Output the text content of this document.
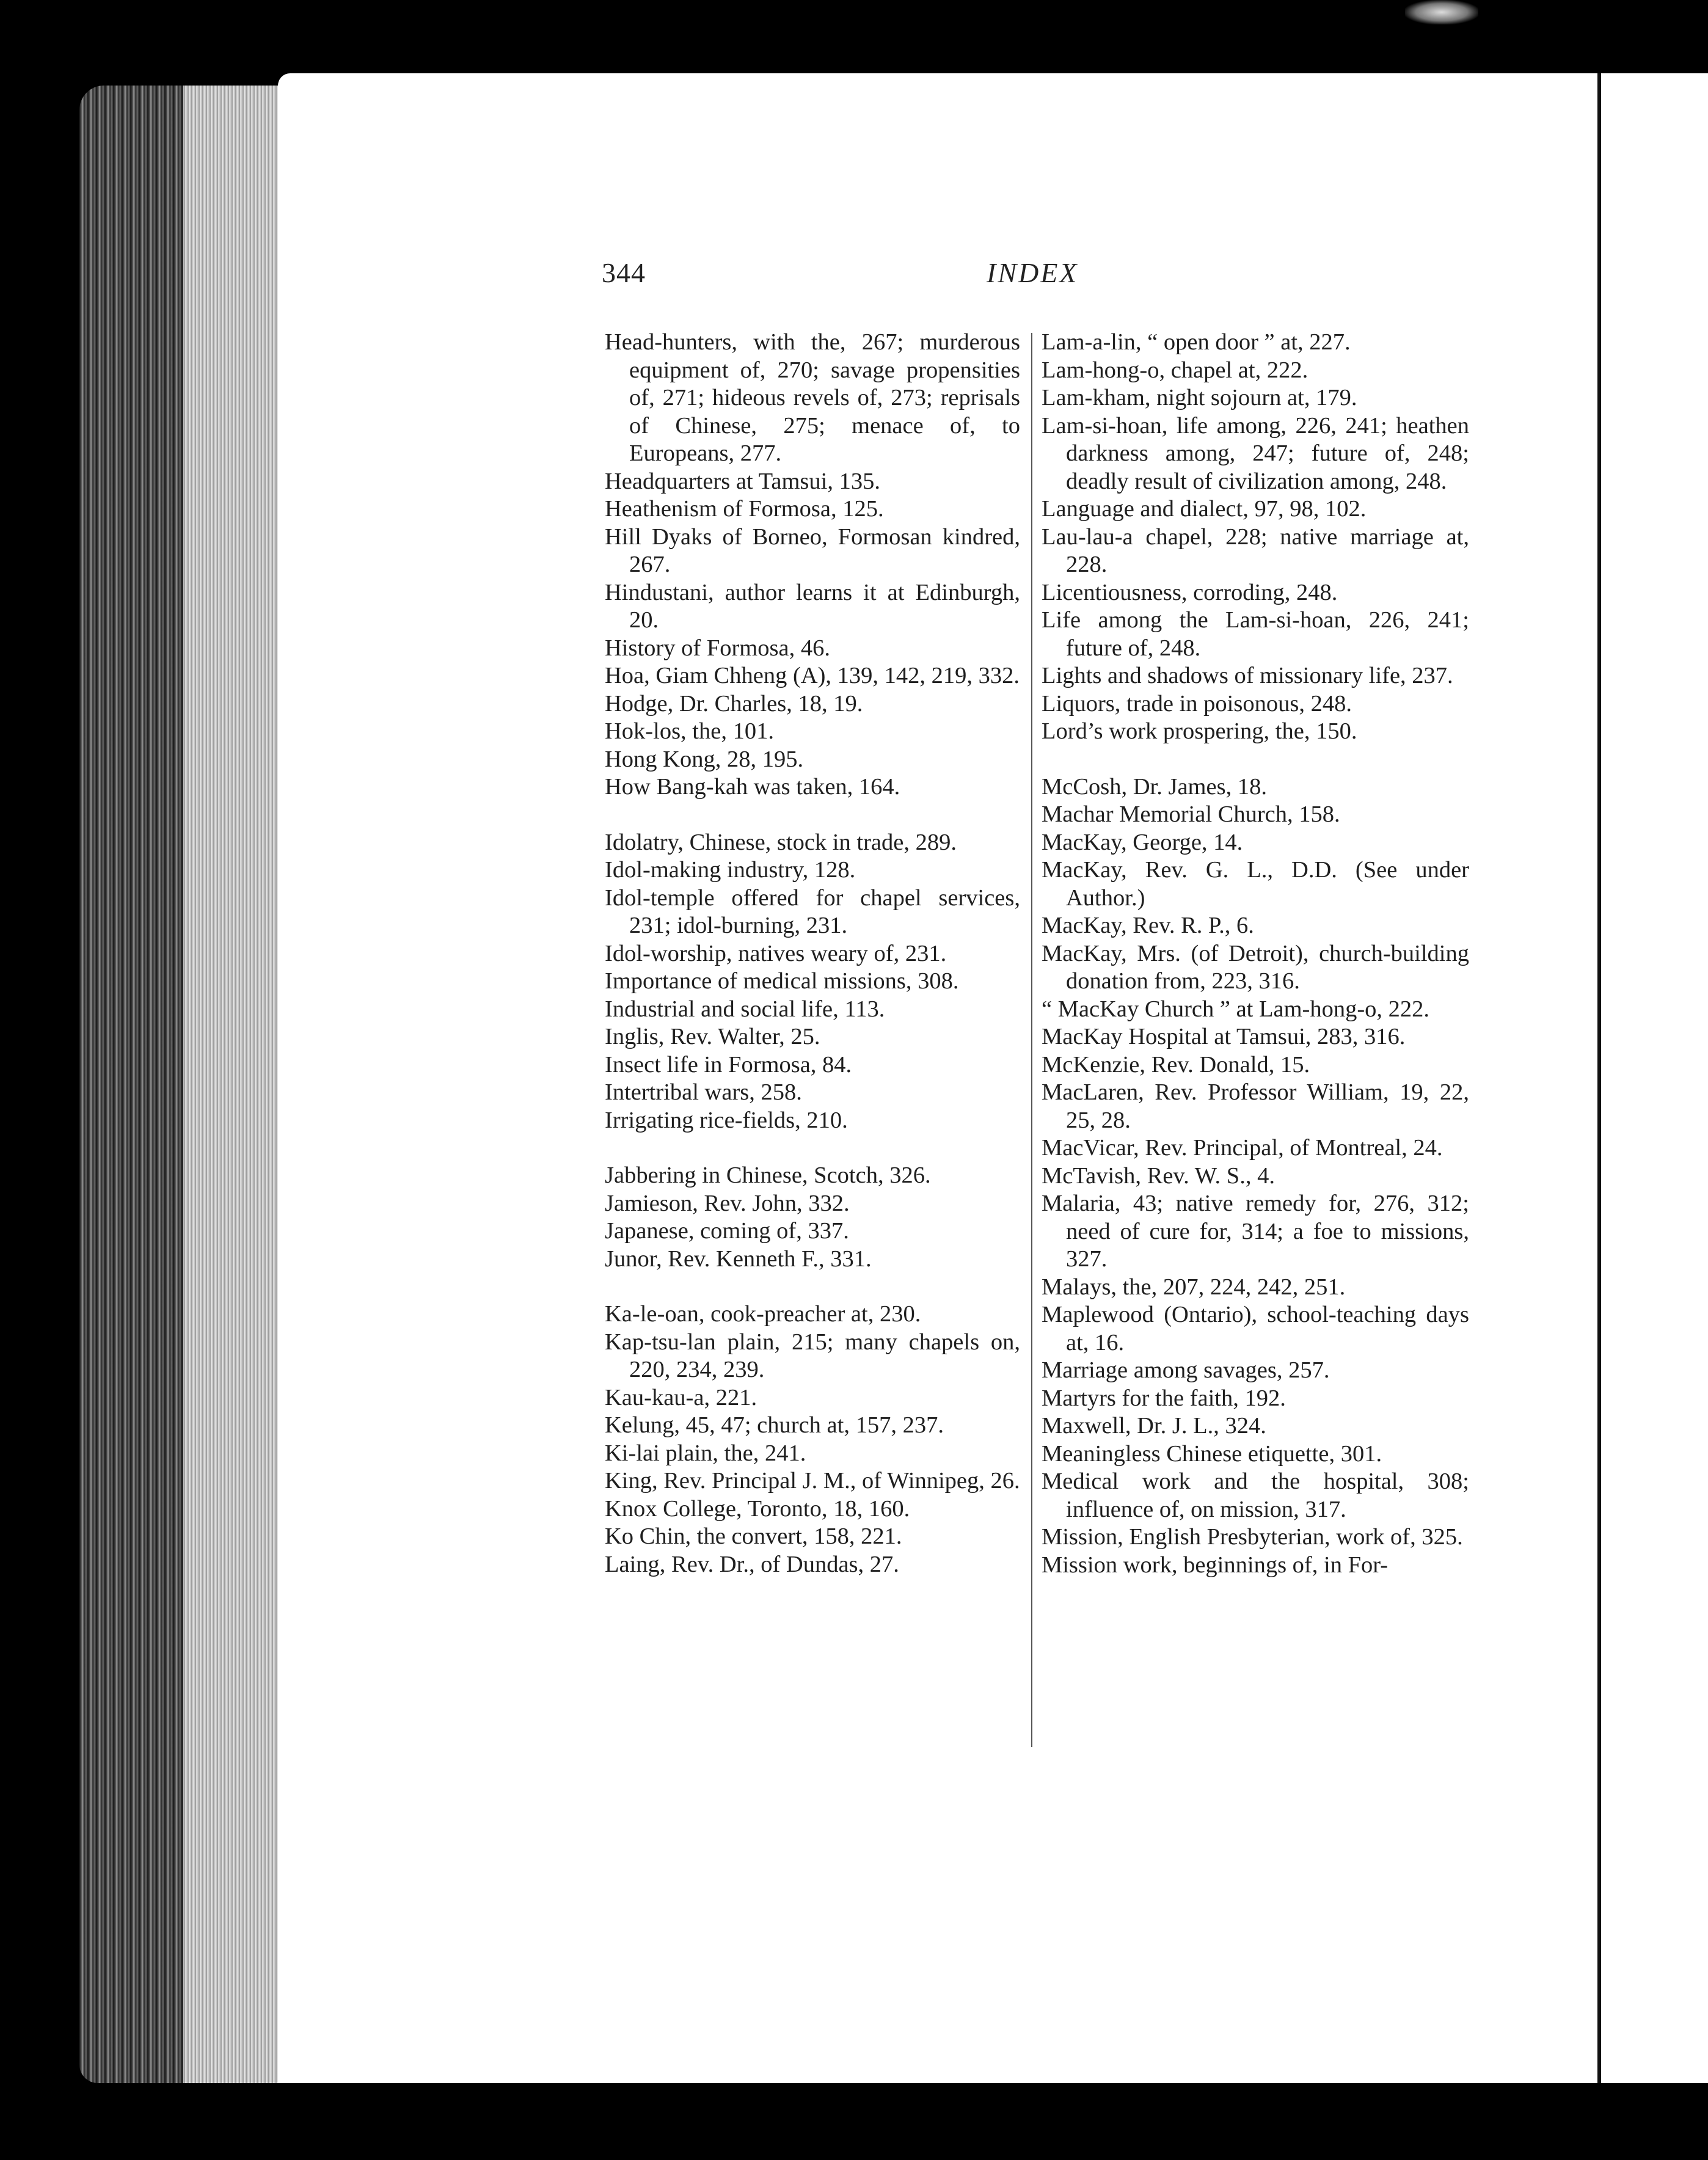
344	INDEX
Head-hunters, with the, 267; murderous equipment of, 270; savage propensities of, 271; hideous revels of, 273; reprisals of Chinese, 275; menace of, to Europeans, 277.
Headquarters at Tamsui, 135.
Heathenism of Formosa, 125.
Hill Dyaks of Borneo, Formosan kindred, 267.
Hindustani, author learns it at Edinburgh, 20.
History of Formosa, 46.
Hoa, Giam Chheng (A), 139, 142, 219, 332.
Hodge, Dr. Charles, 18, 19.
Hok-los, the, 101.
Hong Kong, 28, 195.
How Bang-kah was taken, 164.
Idolatry, Chinese, stock in trade, 289.
Idol-making industry, 128.
Idol-temple offered for chapel services, 231; idol-burning, 231.
Idol-worship, natives weary of, 231.
Importance of medical missions, 308.
Industrial and social life, 113.
Inglis, Rev. Walter, 25.
Insect life in Formosa, 84.
Intertribal wars, 258.
Irrigating rice-fields, 210.
Jabbering in Chinese, Scotch, 326.
Jamieson, Rev. John, 332.
Japanese, coming of, 337.
Junor, Rev. Kenneth F., 331.
Ka-le-oan, cook-preacher at, 230.
Kap-tsu-lan plain, 215; many chapels on, 220, 234, 239.
Kau-kau-a, 221.
Kelung, 45, 47; church at, 157, 237.
Ki-lai plain, the, 241.
King, Rev. Principal J. M., of Winnipeg, 26.
Knox College, Toronto, 18, 160.
Ko Chin, the convert, 158, 221.
Laing, Rev. Dr., of Dundas, 27.
Lam-a-lin, “ open door ” at, 227.
Lam-hong-o, chapel at, 222.
Lam-kham, night sojourn at, 179.
Lam-si-hoan, life among, 226, 241; heathen darkness among, 247; future of, 248; deadly result of civilization among, 248.
Language and dialect, 97, 98, 102.
Lau-lau-a chapel, 228; native marriage at, 228.
Licentiousness, corroding, 248.
Life among the Lam-si-hoan, 226, 241; future of, 248.
Lights and shadows of missionary life, 237.
Liquors, trade in poisonous, 248.
Lord’s work prospering, the, 150.
McCosh, Dr. James, 18.
Machar Memorial Church, 158.
MacKay, George, 14.
MacKay, Rev. G. L., D.D. (See under Author.)
MacKay, Rev. R. P., 6.
MacKay, Mrs. (of Detroit), church-building donation from, 223, 316.
“ MacKay Church ” at Lam-hong-o, 222.
MacKay Hospital at Tamsui, 283, 316.
McKenzie, Rev. Donald, 15.
MacLaren, Rev. Professor William, 19, 22, 25, 28.
MacVicar, Rev. Principal, of Montreal, 24.
McTavish, Rev. W. S., 4.
Malaria, 43; native remedy for, 276, 312; need of cure for, 314; a foe to missions, 327.
Malays, the, 207, 224, 242, 251.
Maplewood (Ontario), school-teaching days at, 16.
Marriage among savages, 257.
Martyrs for the faith, 192.
Maxwell, Dr. J. L., 324.
Meaningless Chinese etiquette, 301.
Medical work and the hospital, 308; influence of, on mission, 317.
Mission, English Presbyterian, work of, 325.
Mission work, beginnings of, in For-
